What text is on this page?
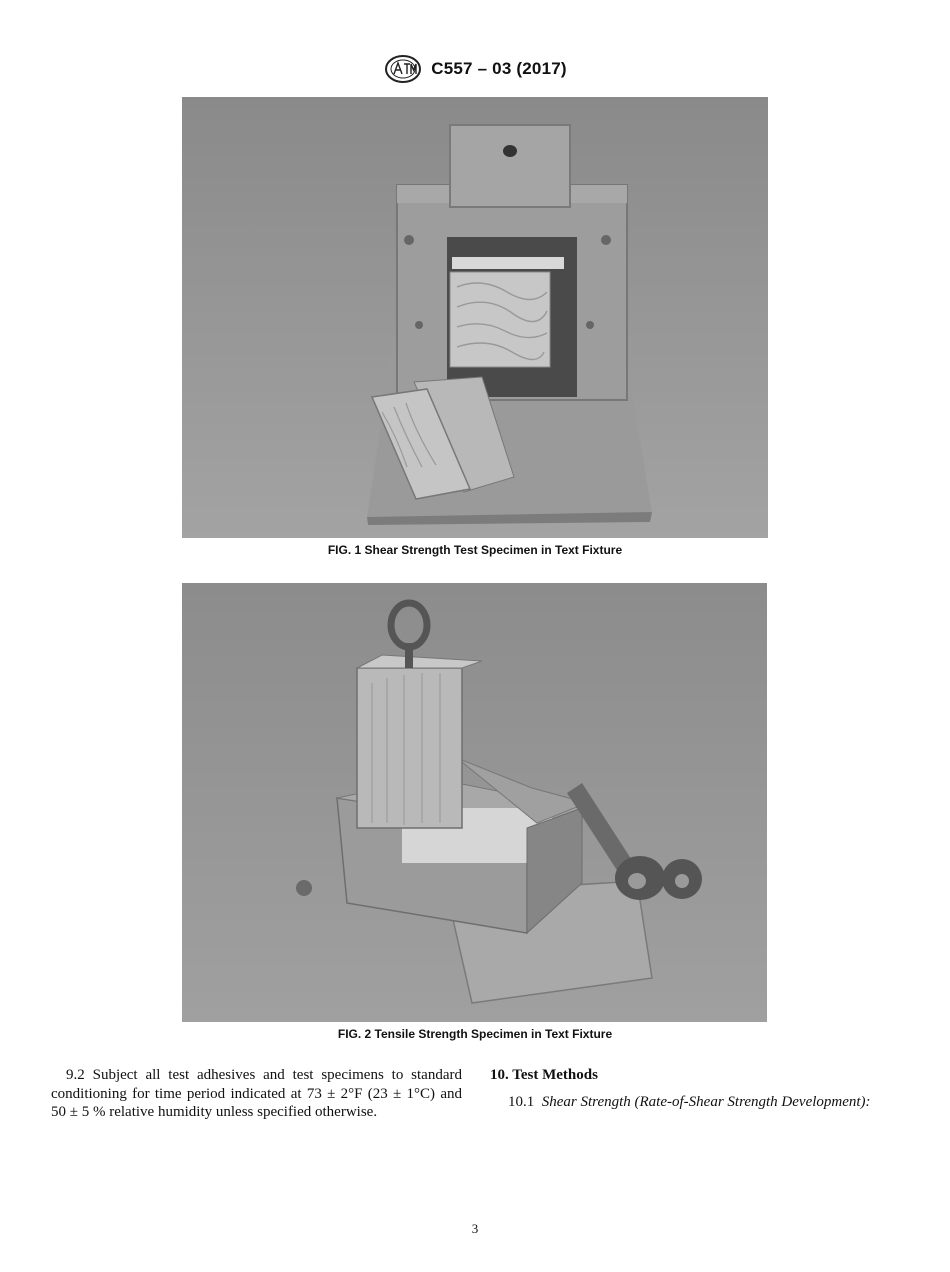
C557 – 03 (2017)
FIG. 1 Shear Strength Test Specimen in Text Fixture
FIG. 2 Tensile Strength Specimen in Text Fixture

9.2 Subject all test adhesives and test specimens to standard conditioning for time period indicated at 73 ± 2°F (23 ± 1°C) and 50 ± 5 % relative humidity unless specified otherwise.

10. Test Methods

10.1 Shear Strength (Rate-of-Shear Strength Development):

3
